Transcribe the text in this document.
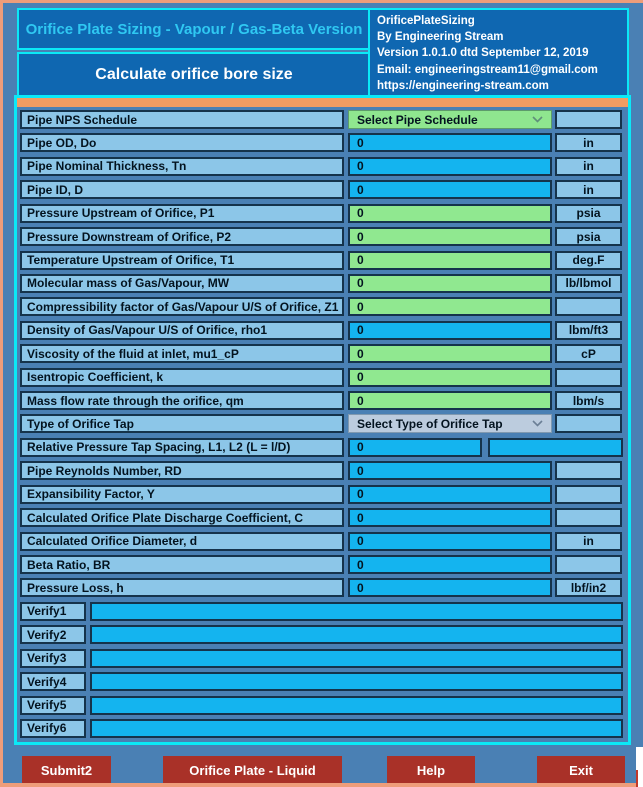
Orifice Plate Sizing - Vapour / Gas-Beta Version
Calculate orifice bore size
OrificePlateSizing
By Engineering Stream
Version 1.0.1.0 dtd September 12, 2019
Email: engineeringstream11@gmail.com
https://engineering-stream.com
Pipe NPS Schedule	Select Pipe Schedule
Pipe OD, Do	0	in
Pipe Nominal Thickness, Tn	0	in
Pipe ID, D	0	in
Pressure Upstream of Orifice, P1	0	psia
Pressure Downstream of Orifice, P2	0	psia
Temperature Upstream of Orifice, T1	0	deg.F
Molecular mass of Gas/Vapour, MW	0	lb/lbmol
Compressibility factor of Gas/Vapour U/S of Orifice, Z1	0
Density of Gas/Vapour U/S of Orifice, rho1	0	lbm/ft3
Viscosity of the fluid at inlet, mu1_cP	0	cP
Isentropic Coefficient, k	0
Mass flow rate through the orifice, qm	0	lbm/s
Type of Orifice Tap	Select Type of Orifice Tap
Relative Pressure Tap Spacing, L1, L2 (L = l/D)	0
Pipe Reynolds Number, RD	0
Expansibility Factor, Y	0
Calculated Orifice Plate Discharge Coefficient, C	0
Calculated Orifice Diameter, d	0	in
Beta Ratio, BR	0
Pressure Loss, h	0	lbf/in2
Verify1
Verify2
Verify3
Verify4
Verify5
Verify6
Submit2	Orifice Plate - Liquid	Help	Exit
